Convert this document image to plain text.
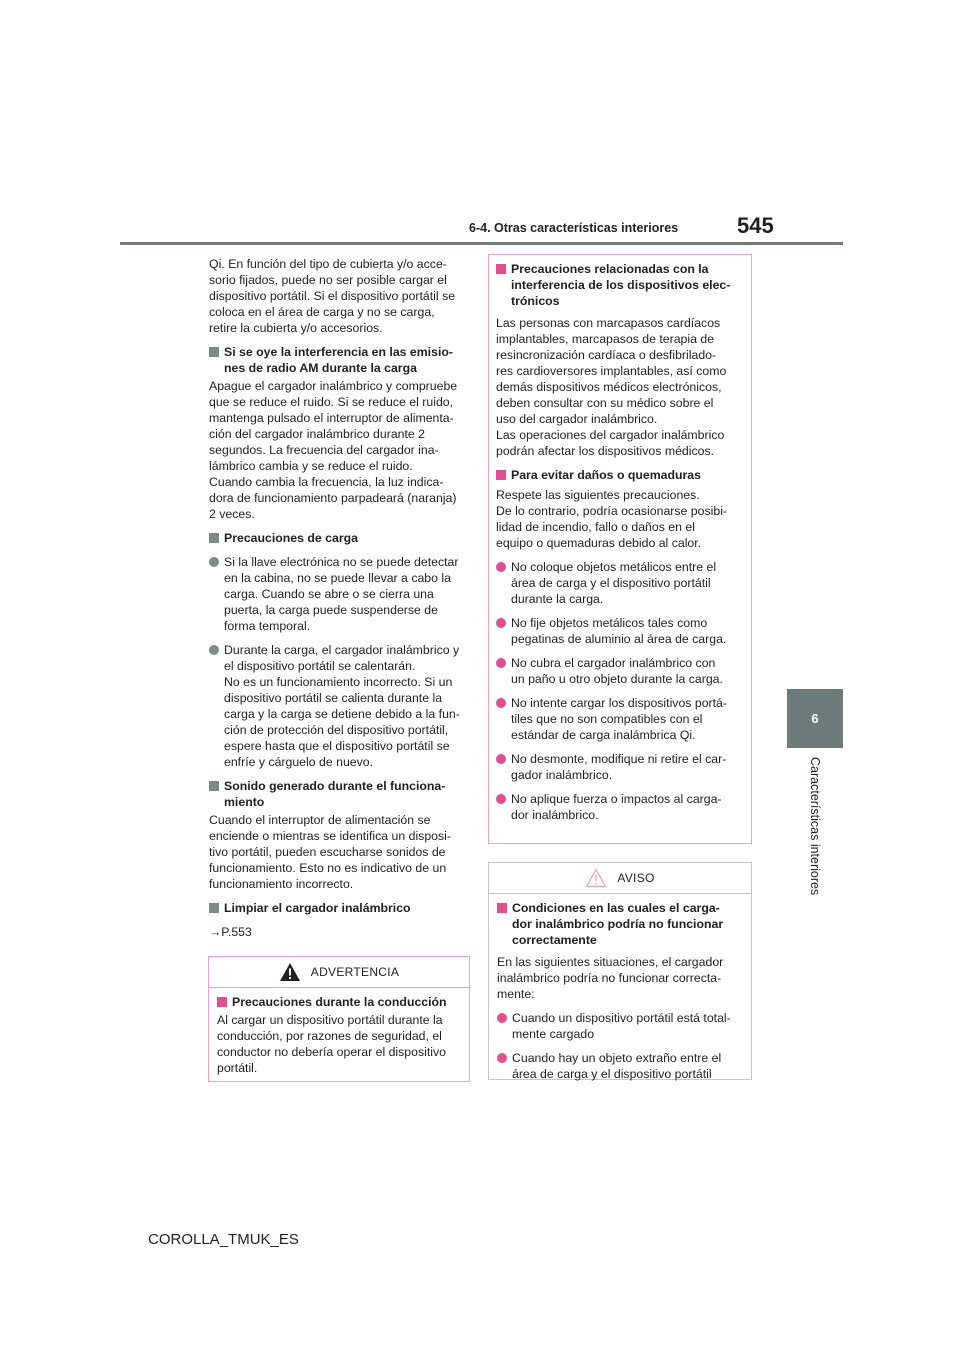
545
6-4. Otras características interiores
6
Características interiores

Qi. En función del tipo de cubierta y/o acce-
sorio fijados, puede no ser posible cargar el
dispositivo portátil. Si el dispositivo portátil se
coloca en el área de carga y no se carga,
retire la cubierta y/o accesorios.

Si se oye la interferencia en las emisio-
nes de radio AM durante la carga

Apague el cargador inalámbrico y compruebe
que se reduce el ruido. Si se reduce el ruido,
mantenga pulsado el interruptor de alimenta-
ción del cargador inalámbrico durante 2
segundos. La frecuencia del cargador ina-
lámbrico cambia y se reduce el ruido.
Cuando cambia la frecuencia, la luz indica-
dora de funcionamiento parpadeará (naranja)
2 veces.

Precauciones de carga
Si la llave electrónica no se puede detectar
en la cabina, no se puede llevar a cabo la
carga. Cuando se abre o se cierra una
puerta, la carga puede suspenderse de
forma temporal.
Durante la carga, el cargador inalámbrico y
el dispositivo portátil se calentarán.
No es un funcionamiento incorrecto. Si un
dispositivo portátil se calienta durante la
carga y la carga se detiene debido a la fun-
ción de protección del dispositivo portátil,
espere hasta que el dispositivo portátil se
enfríe y cárguelo de nuevo.
Sonido generado durante el funciona-
miento

Cuando el interruptor de alimentación se
enciende o mientras se identifica un disposi-
tivo portátil, pueden escucharse sonidos de
funcionamiento. Esto no es indicativo de un
funcionamiento incorrecto.

Limpiar el cargador inalámbrico

→P.553

ADVERTENCIA
Precauciones durante la conducción

Al cargar un dispositivo portátil durante la
conducción, por razones de seguridad, el
conductor no debería operar el dispositivo
portátil.

Precauciones relacionadas con la
interferencia de los dispositivos elec-
trónicos

Las personas con marcapasos cardíacos
implantables, marcapasos de terapia de
resincronización cardíaca o desfibrilado-
res cardioversores implantables, así como
demás dispositivos médicos electrónicos,
deben consultar con su médico sobre el
uso del cargador inalámbrico.
Las operaciones del cargador inalámbrico
podrán afectar los dispositivos médicos.

Para evitar daños o quemaduras

Respete las siguientes precauciones.
De lo contrario, podría ocasionarse posibi-
lidad de incendio, fallo o daños en el
equipo o quemaduras debido al calor.

No coloque objetos metálicos entre el
área de carga y el dispositivo portátil
durante la carga.
No fije objetos metálicos tales como
pegatinas de aluminio al área de carga.
No cubra el cargador inalámbrico con
un paño u otro objeto durante la carga.
No intente cargar los dispositivos portá-
tiles que no son compatibles con el
estándar de carga inalámbrica Qi.
No desmonte, modifique ni retire el car-
gador inalámbrico.
No aplique fuerza o impactos al carga-
dor inalámbrico.
AVISO
Condiciones en las cuales el carga-
dor inalámbrico podría no funcionar
correctamente

En las siguientes situaciones, el cargador
inalámbrico podría no funcionar correcta-
mente:

Cuando un dispositivo portátil está total-
mente cargado
Cuando hay un objeto extraño entre el
área de carga y el dispositivo portátil
COROLLA_TMUK_ES
